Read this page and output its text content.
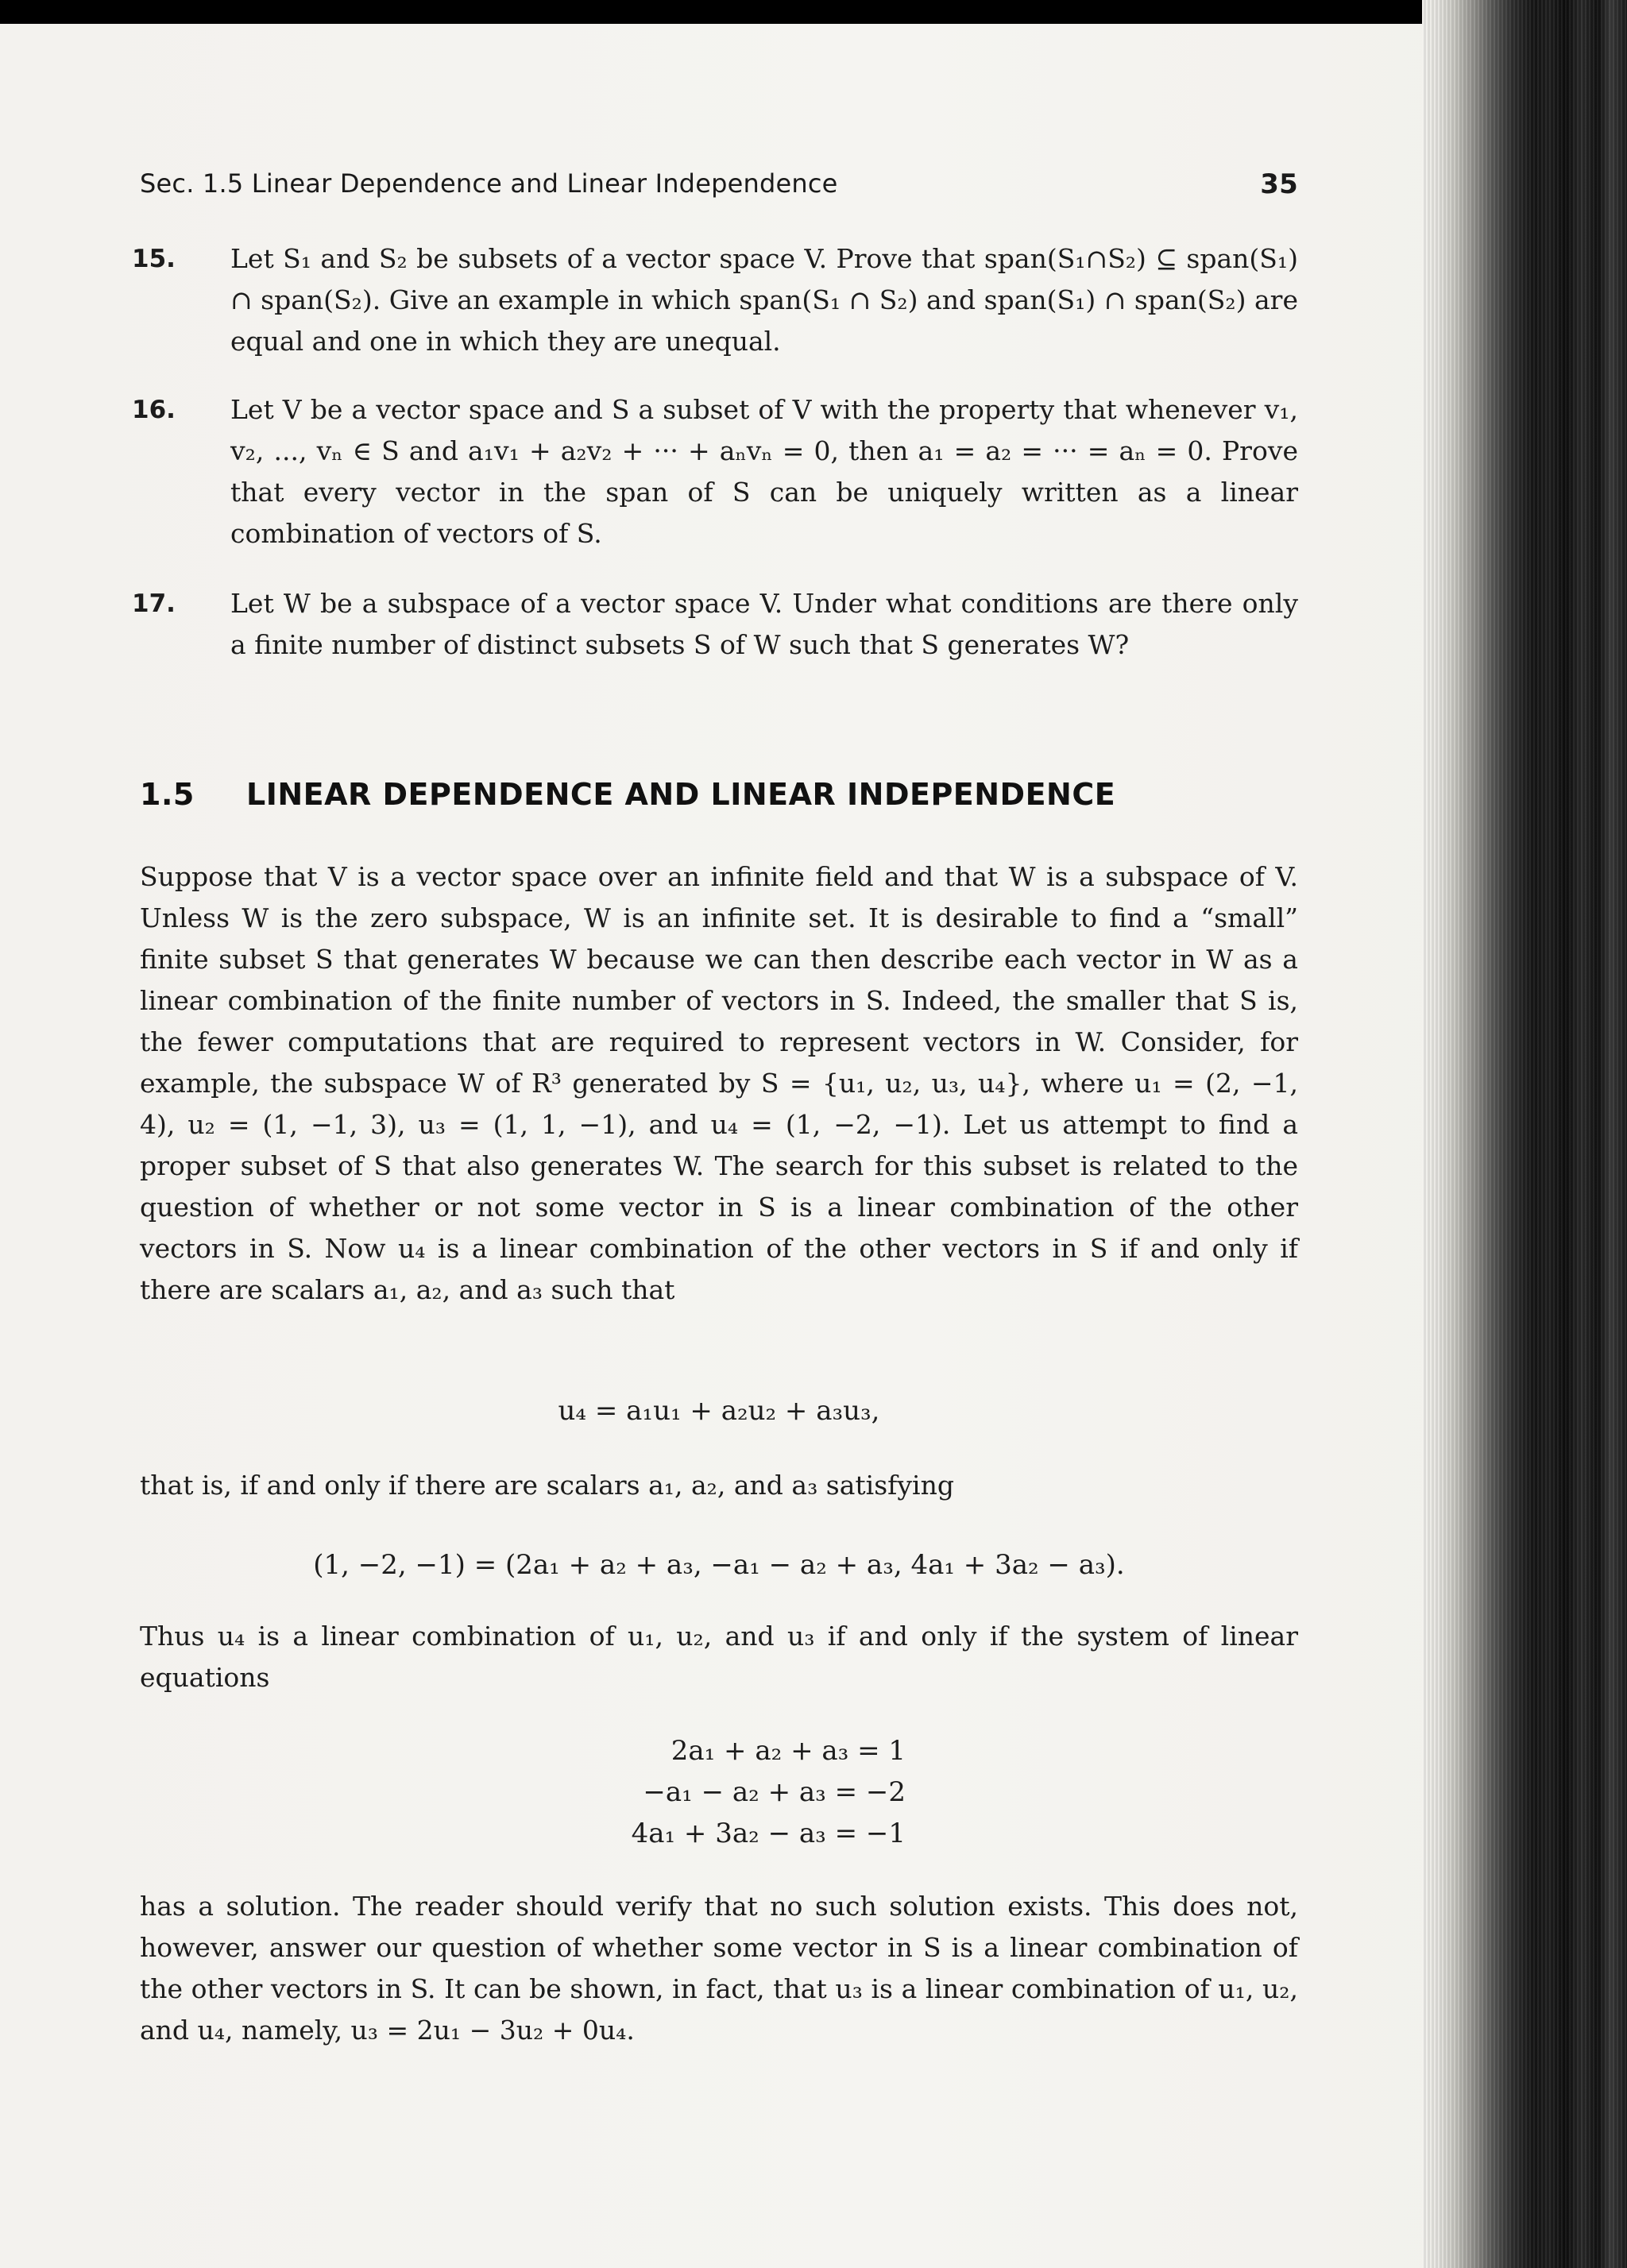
Sec. 1.5 Linear Dependence and Linear Independence	35
15. Let S₁ and S₂ be subsets of a vector space V. Prove that span(S₁∩S₂) ⊆ span(S₁) ∩ span(S₂). Give an example in which span(S₁ ∩ S₂) and span(S₁) ∩ span(S₂) are equal and one in which they are unequal.
16. Let V be a vector space and S a subset of V with the property that whenever v₁, v₂, ..., vₙ ∈ S and a₁v₁ + a₂v₂ + ··· + aₙvₙ = 0, then a₁ = a₂ = ··· = aₙ = 0. Prove that every vector in the span of S can be uniquely written as a linear combination of vectors of S.
17. Let W be a subspace of a vector space V. Under what conditions are there only a finite number of distinct subsets S of W such that S generates W?
1.5 LINEAR DEPENDENCE AND LINEAR INDEPENDENCE
Suppose that V is a vector space over an infinite field and that W is a subspace of V. Unless W is the zero subspace, W is an infinite set. It is desirable to find a “small” finite subset S that generates W because we can then describe each vector in W as a linear combination of the finite number of vectors in S. Indeed, the smaller that S is, the fewer computations that are required to represent vectors in W. Consider, for example, the subspace W of R³ generated by S = {u₁, u₂, u₃, u₄}, where u₁ = (2, −1, 4), u₂ = (1, −1, 3), u₃ = (1, 1, −1), and u₄ = (1, −2, −1). Let us attempt to find a proper subset of S that also generates W. The search for this subset is related to the question of whether or not some vector in S is a linear combination of the other vectors in S. Now u₄ is a linear combination of the other vectors in S if and only if there are scalars a₁, a₂, and a₃ such that
u₄ = a₁u₁ + a₂u₂ + a₃u₃,
that is, if and only if there are scalars a₁, a₂, and a₃ satisfying
(1, −2, −1) = (2a₁ + a₂ + a₃, −a₁ − a₂ + a₃, 4a₁ + 3a₂ − a₃).
Thus u₄ is a linear combination of u₁, u₂, and u₃ if and only if the system of linear equations
2a₁ + a₂ + a₃ = 1
−a₁ − a₂ + a₃ = −2
4a₁ + 3a₂ − a₃ = −1
has a solution. The reader should verify that no such solution exists. This does not, however, answer our question of whether some vector in S is a linear combination of the other vectors in S. It can be shown, in fact, that u₃ is a linear combination of u₁, u₂, and u₄, namely, u₃ = 2u₁ − 3u₂ + 0u₄.
